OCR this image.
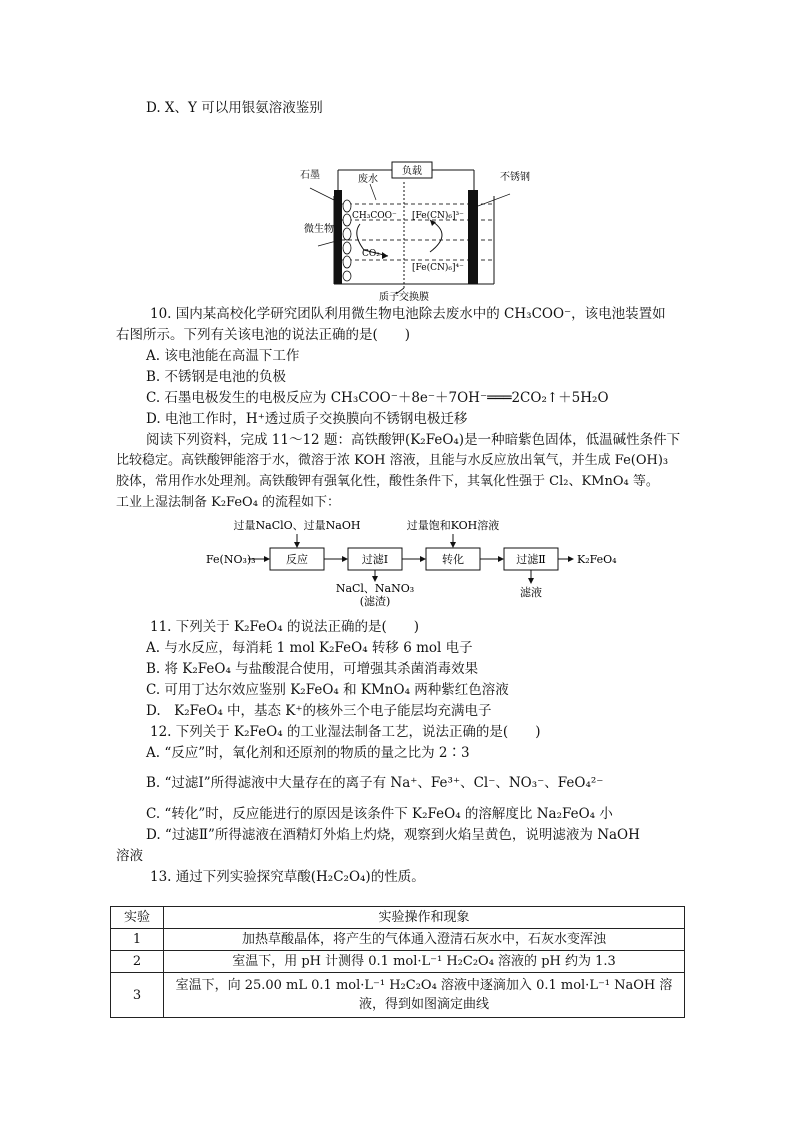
D. X、Y 可以用银氨溶液鉴别
负载
废水
石墨	不锈钢
微生物
CH₃COO⁻
CO₂
[Fe(CN)₆]³⁻
[Fe(CN)₆]⁴⁻
质子交换膜
10. 国内某高校化学研究团队利用微生物电池除去废水中的 CH₃COO⁻，该电池装置如
右图所示。下列有关该电池的说法正确的是(　　)
A. 该电池能在高温下工作
B. 不锈钢是电池的负极
C. 石墨电极发生的电极反应为 CH₃COO⁻＋8e⁻＋7OH⁻═══2CO₂↑＋5H₂O
D. 电池工作时，H⁺透过质子交换膜向不锈钢电极迁移
阅读下列资料，完成 11～12 题：高铁酸钾(K₂FeO₄)是一种暗紫色固体，低温碱性条件下
比较稳定。高铁酸钾能溶于水，微溶于浓 KOH 溶液，且能与水反应放出氧气，并生成 Fe(OH)₃
胶体，常用作水处理剂。高铁酸钾有强氧化性，酸性条件下，其氧化性强于 Cl₂、KMnO₄ 等。
工业上湿法制备 K₂FeO₄ 的流程如下：
Fe(NO₃)₃
过量NaClO、过量NaOH
反应	过滤Ⅰ
NaCl、NaNO₃
(滤渣)
过量饱和KOH溶液
转化	过滤Ⅱ
滤液
K₂FeO₄
11. 下列关于 K₂FeO₄ 的说法正确的是(　　)
A. 与水反应，每消耗 1 mol K₂FeO₄ 转移 6 mol 电子
B. 将 K₂FeO₄ 与盐酸混合使用，可增强其杀菌消毒效果
C. 可用丁达尔效应鉴别 K₂FeO₄ 和 KMnO₄ 两种紫红色溶液
D.　K₂FeO₄ 中，基态 K⁺的核外三个电子能层均充满电子
12. 下列关于 K₂FeO₄ 的工业湿法制备工艺，说法正确的是(　　)
A. “反应”时，氧化剂和还原剂的物质的量之比为 2∶3
B. “过滤Ⅰ”所得滤液中大量存在的离子有 Na⁺、Fe³⁺、Cl⁻、NO₃⁻、FeO₄²⁻
C. “转化”时，反应能进行的原因是该条件下 K₂FeO₄ 的溶解度比 Na₂FeO₄ 小
D. “过滤Ⅱ”所得滤液在酒精灯外焰上灼烧，观察到火焰呈黄色，说明滤液为 NaOH
溶液
13. 通过下列实验探究草酸(H₂C₂O₄)的性质。
实验	实验操作和现象
1	加热草酸晶体，将产生的气体通入澄清石灰水中，石灰水变浑浊
2	室温下，用 pH 计测得 0.1 mol·L⁻¹ H₂C₂O₄ 溶液的 pH 约为 1.3
3	室温下，向 25.00 mL 0.1 mol·L⁻¹ H₂C₂O₄ 溶液中逐滴加入 0.1 mol·L⁻¹ NaOH 溶液，得到如图滴定曲线
